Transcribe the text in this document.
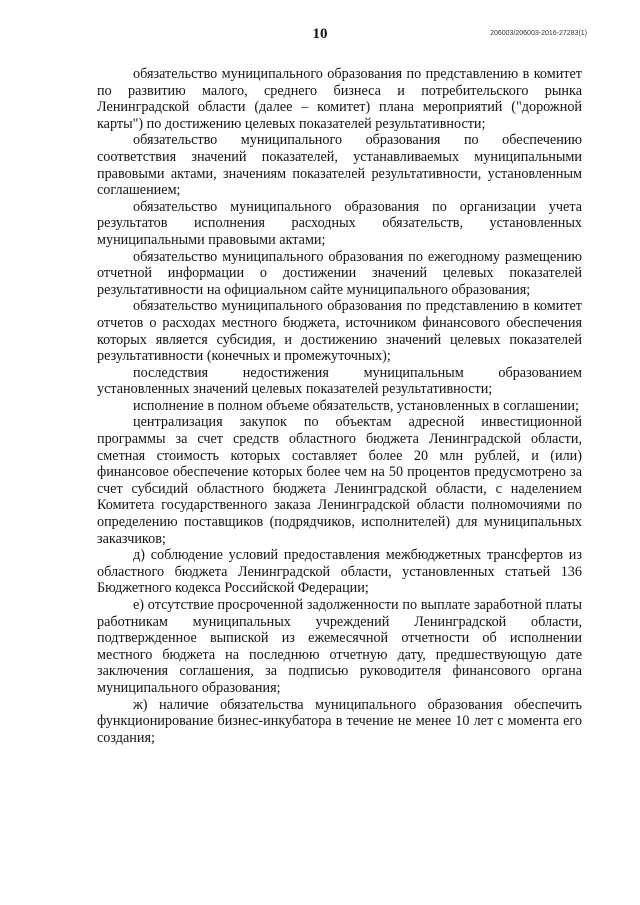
10	206003/206003-2016-27283(1)

обязательство муниципального образования по представлению в комитет по развитию малого, среднего бизнеса и потребительского рынка Ленинградской области (далее – комитет) плана мероприятий ("дорожной карты") по достижению целевых показателей результативности;

обязательство муниципального образования по обеспечению соответствия значений показателей, устанавливаемых муниципальными правовыми актами, значениям показателей результативности, установленным соглашением;

обязательство муниципального образования по организации учета результатов исполнения расходных обязательств, установленных муниципальными правовыми актами;

обязательство муниципального образования по ежегодному размещению отчетной информации о достижении значений целевых показателей результативности на официальном сайте муниципального образования;

обязательство муниципального образования по представлению в комитет отчетов о расходах местного бюджета, источником финансового обеспечения которых является субсидия, и достижению значений целевых показателей результативности (конечных и промежуточных);

последствия недостижения муниципальным образованием установленных значений целевых показателей результативности;

исполнение в полном объеме обязательств, установленных в соглашении;

централизация закупок по объектам адресной инвестиционной программы за счет средств областного бюджета Ленинградской области, сметная стоимость которых составляет более 20 млн рублей, и (или) финансовое обеспечение которых более чем на 50 процентов предусмотрено за счет субсидий областного бюджета Ленинградской области, с наделением Комитета государственного заказа Ленинградской области полномочиями по определению поставщиков (подрядчиков, исполнителей) для муниципальных заказчиков;

д) соблюдение условий предоставления межбюджетных трансфертов из областного бюджета Ленинградской области, установленных статьей 136 Бюджетного кодекса Российской Федерации;

е) отсутствие просроченной задолженности по выплате заработной платы работникам муниципальных учреждений Ленинградской области, подтвержденное выпиской из ежемесячной отчетности об исполнении местного бюджета на последнюю отчетную дату, предшествующую дате заключения соглашения, за подписью руководителя финансового органа муниципального образования;

ж) наличие обязательства муниципального образования обеспечить функционирование бизнес-инкубатора в течение не менее 10 лет с момента его создания;
